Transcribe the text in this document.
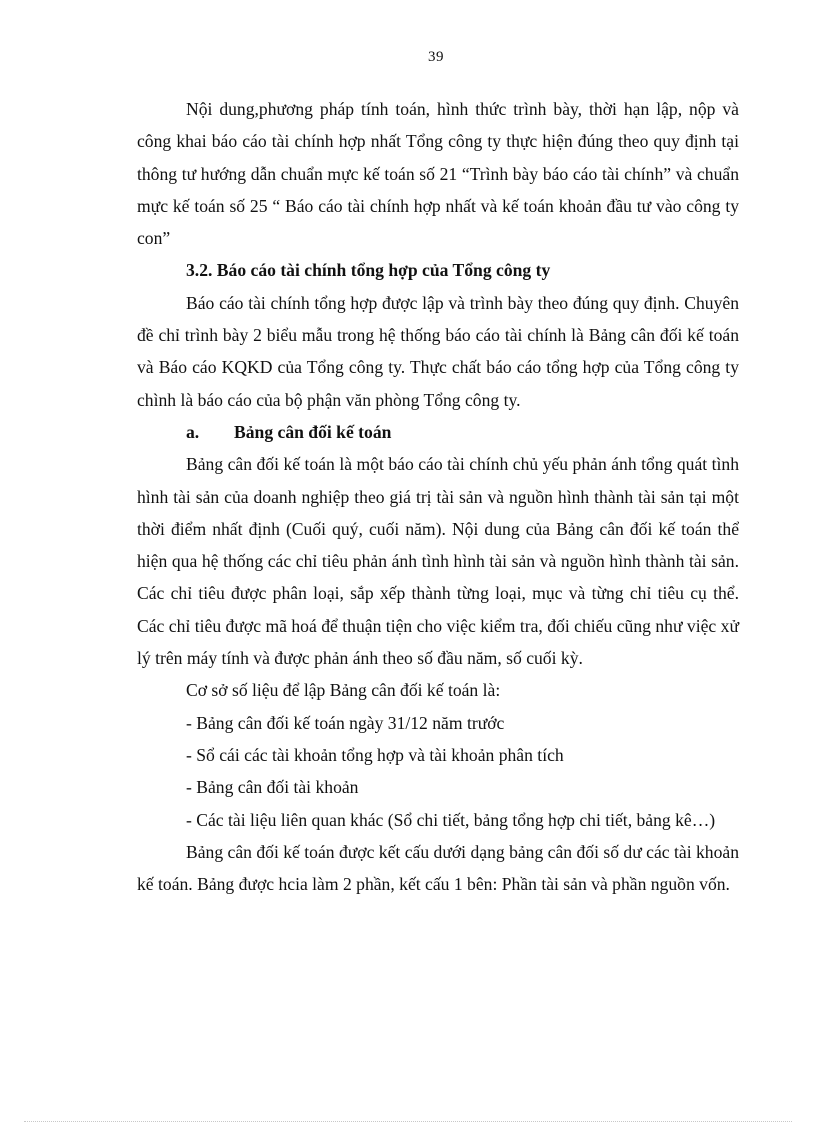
39

Nội dung,phương pháp tính toán, hình thức trình bày, thời hạn lập, nộp và công khai báo cáo tài chính hợp nhất Tổng công ty thực hiện đúng theo quy định tại thông tư hướng dẫn chuẩn mực kế toán số 21 “Trình bày báo cáo tài chính” và chuẩn mực kế toán số 25 “ Báo cáo tài chính hợp nhất và kế toán khoản đầu tư vào công ty con”

3.2. Báo cáo tài chính tổng hợp của Tổng công ty

Báo cáo tài chính tổng hợp được lập và trình bày theo đúng quy định. Chuyên đề chỉ trình bày 2 biểu mẫu trong hệ thống báo cáo tài chính là Bảng cân đối kế toán và Báo cáo KQKD của Tổng công ty. Thực chất báo cáo tổng hợp của Tổng công ty chình là báo cáo của bộ phận văn phòng Tổng công ty.

a.	Bảng cân đối kế toán

Bảng cân đối kế toán là một báo cáo tài chính chủ yếu phản ánh tổng quát tình hình tài sản của doanh nghiệp theo giá trị tài sản và nguồn hình thành tài sản tại một thời điểm nhất định (Cuối quý, cuối năm). Nội dung của Bảng cân đối kế toán thể hiện qua hệ thống các chỉ tiêu phản ánh tình hình tài sản và nguồn hình thành tài sản. Các chỉ tiêu được phân loại, sắp xếp thành từng loại, mục và từng chỉ tiêu cụ thể. Các chỉ tiêu được mã hoá để thuận tiện cho việc kiểm tra, đối chiếu cũng như việc xử lý trên máy tính và được phản ánh theo số đầu năm, số cuối kỳ.

Cơ sở số liệu để lập Bảng cân đối kế toán là:

- Bảng cân đối kế toán ngày 31/12 năm trước

- Sổ cái các tài khoản tổng hợp và tài khoản phân tích

- Bảng cân đối tài khoản

- Các tài liệu liên quan khác (Sổ chi tiết, bảng tổng hợp chi tiết, bảng kê…)

Bảng cân đối kế toán được kết cấu dưới dạng bảng cân đối số dư các tài khoản kế toán. Bảng được hcia làm 2 phần, kết cấu 1 bên: Phần tài sản và phần nguồn vốn.
